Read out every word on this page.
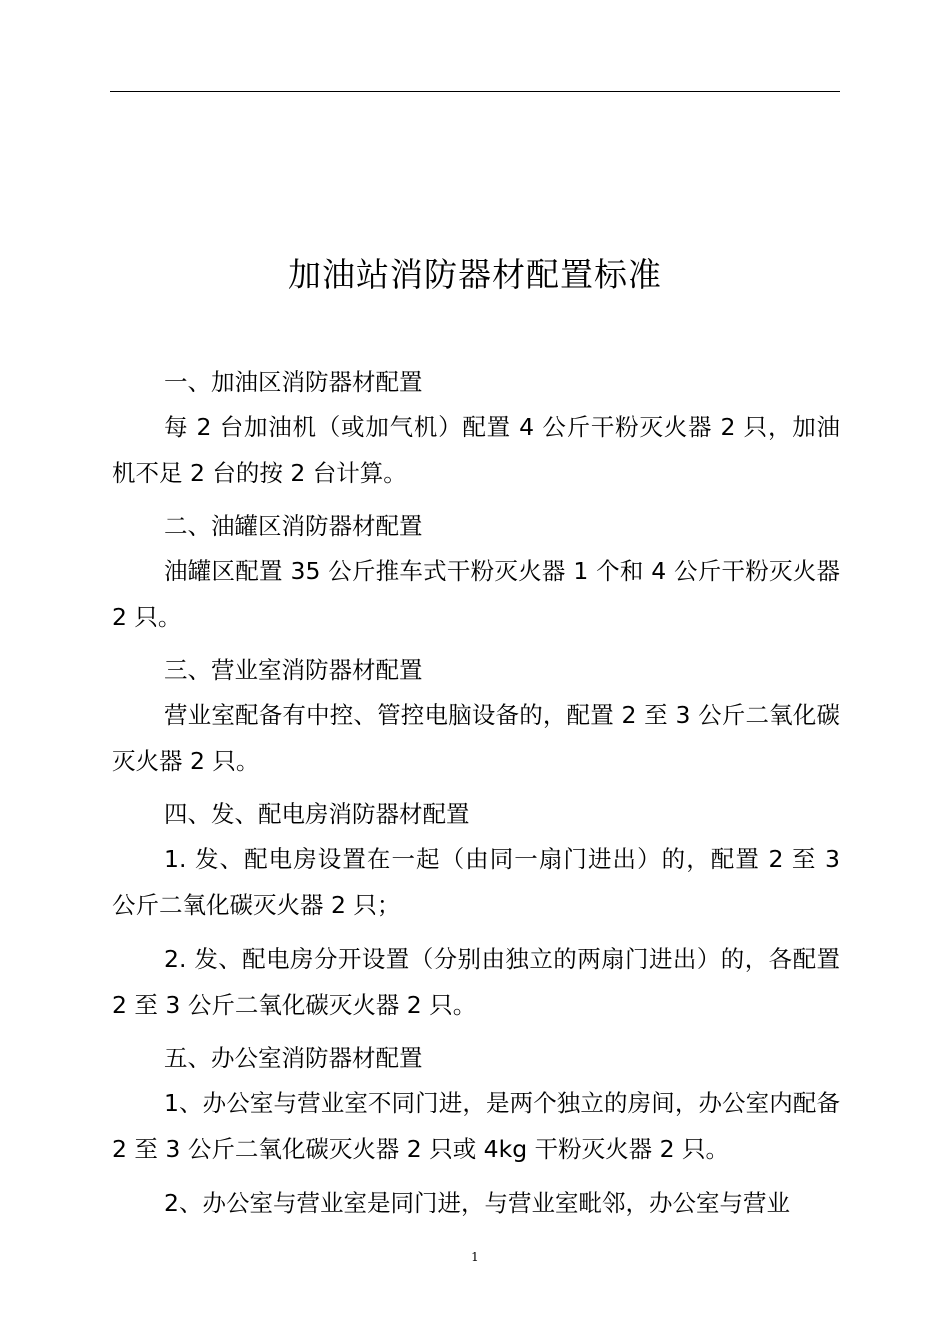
加油站消防器材配置标准

一、加油区消防器材配置

每 2 台加油机（或加气机）配置 4 公斤干粉灭火器 2 只，加油机不足 2 台的按 2 台计算。

二、油罐区消防器材配置

油罐区配置 35 公斤推车式干粉灭火器 1 个和 4 公斤干粉灭火器 2 只。

三、营业室消防器材配置

营业室配备有中控、管控电脑设备的，配置 2 至 3 公斤二氧化碳灭火器 2 只。

四、发、配电房消防器材配置

1. 发、配电房设置在一起（由同一扇门进出）的，配置 2 至 3 公斤二氧化碳灭火器 2 只；

2. 发、配电房分开设置（分别由独立的两扇门进出）的，各配置 2 至 3 公斤二氧化碳灭火器 2 只。

五、办公室消防器材配置

1、办公室与营业室不同门进，是两个独立的房间，办公室内配备 2 至 3 公斤二氧化碳灭火器 2 只或 4kg 干粉灭火器 2 只。

2、办公室与营业室是同门进，与营业室毗邻，办公室与营业

1
